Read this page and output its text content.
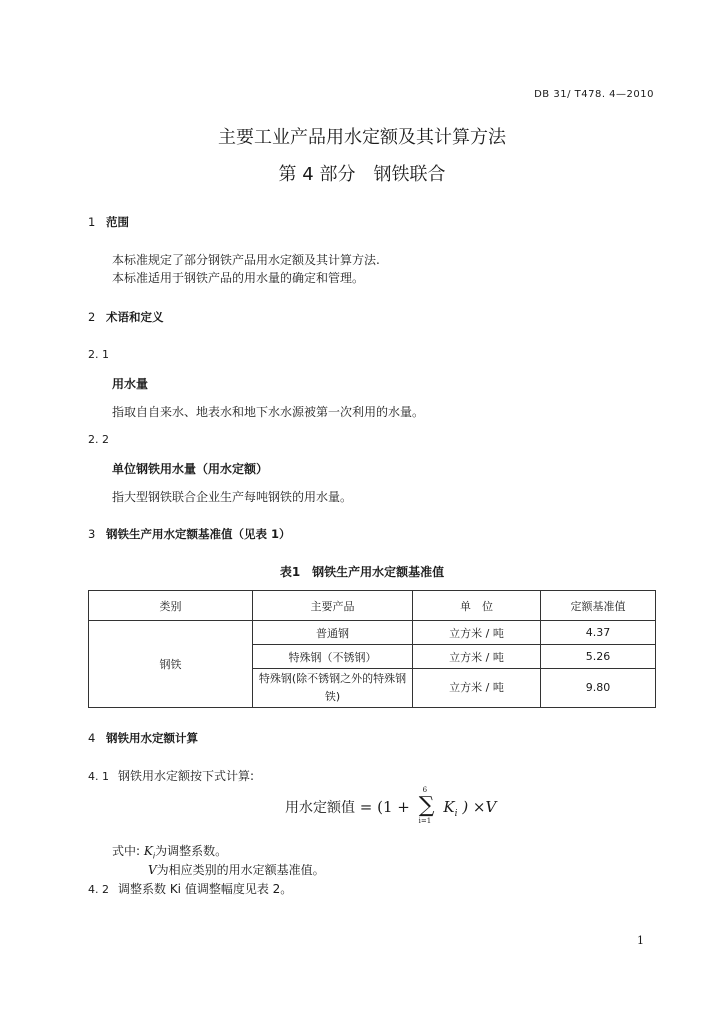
DB 31/ T478. 4—2010
主要工业产品用水定额及其计算方法
第 4 部分　钢铁联合
1 范围
本标准规定了部分钢铁产品用水定额及其计算方法.
本标准适用于钢铁产品的用水量的确定和管理。
2 术语和定义
2. 1
用水量
指取自自来水、地表水和地下水水源被第一次利用的水量。
2. 2
单位钢铁用水量（用水定额）
指大型钢铁联合企业生产每吨钢铁的用水量。
3 钢铁生产用水定额基准值（见表 1）
表1　钢铁生产用水定额基准值
类别	主要产品	单　位	定额基准值
钢铁	普通钢	立方米 / 吨	4.37
	特殊钢（不锈钢）	立方米 / 吨	5.26
	特殊钢(除不锈钢之外的特殊钢铁)	立方米 / 吨	9.80
4 钢铁用水定额计算
4. 1 钢铁用水定额按下式计算:
用水定额值 = (1 +
6
∑
i=1
$K_i$ ) ×V
式中: $K_i$为调整系数。
V为相应类别的用水定额基准值。
4. 2 调整系数 Ki 值调整幅度见表 2。
1
